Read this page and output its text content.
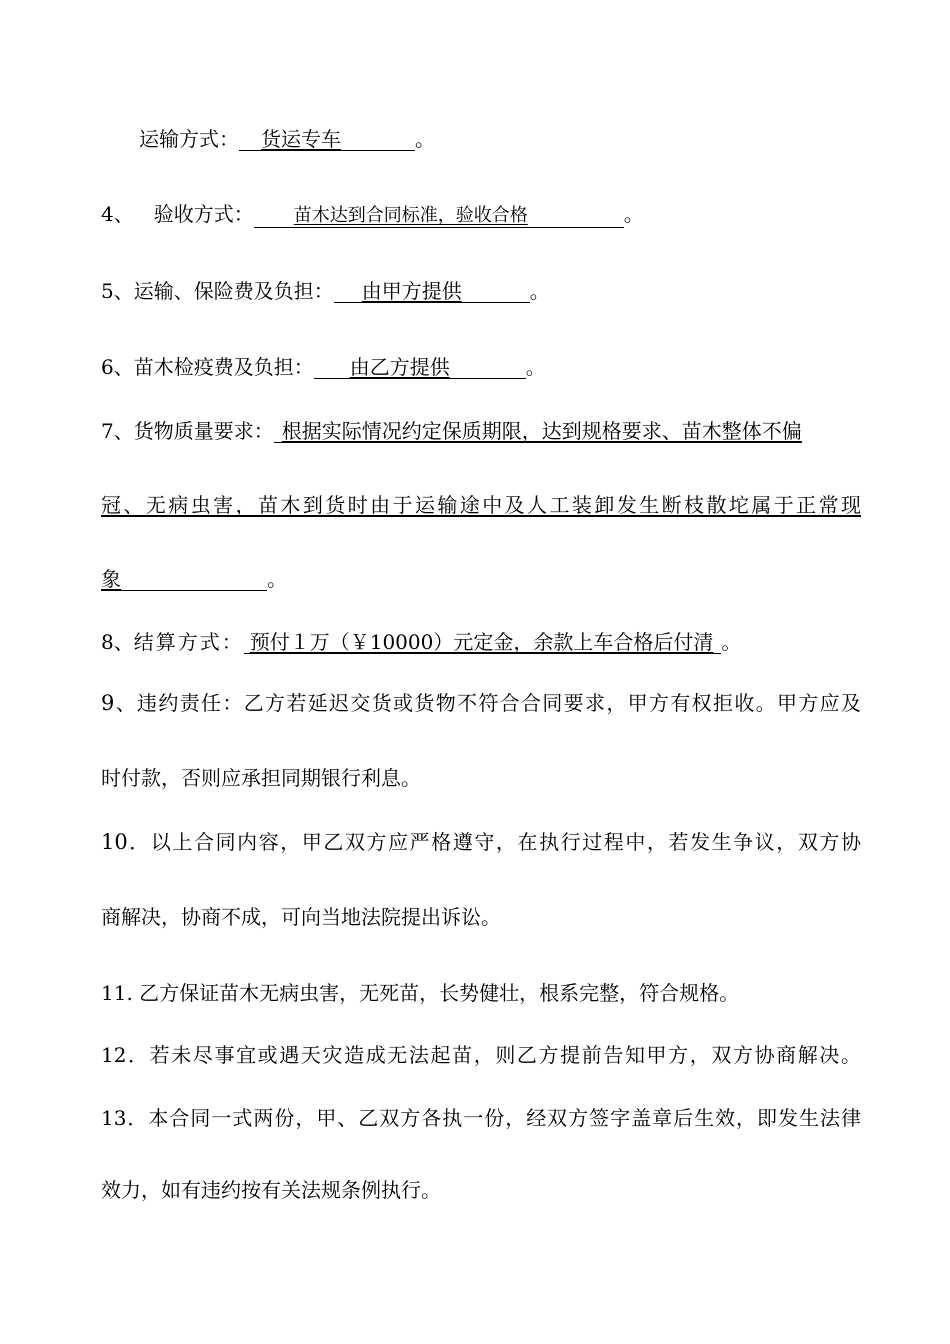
运输方式： 货运专车	。
4、 验收方式： 苗木达到合同标准，验收合格	。
5、运输、保险费及负担： 由甲方提供	。
6、苗木检疫费及负担： 由乙方提供	。
7、货物质量要求： 根据实际情况约定保质期限，达到规格要求、苗木整体不偏
冠、无病虫害，苗木到货时由于运输途中及人工装卸发生断枝散坨属于正常现
象	。
8、结算方式： 预付１万（￥10000）元定金，余款上车合格后付清 。
9、违约责任：乙方若延迟交货或货物不符合合同要求，甲方有权拒收。甲方应及
时付款，否则应承担同期银行利息。
10．以上合同内容，甲乙双方应严格遵守，在执行过程中，若发生争议，双方协
商解决，协商不成，可向当地法院提出诉讼。
11. 乙方保证苗木无病虫害，无死苗，长势健壮，根系完整，符合规格。
12．若未尽事宜或遇天灾造成无法起苗，则乙方提前告知甲方，双方协商解决。
13．本合同一式两份，甲、乙双方各执一份，经双方签字盖章后生效，即发生法律
效力，如有违约按有关法规条例执行。
